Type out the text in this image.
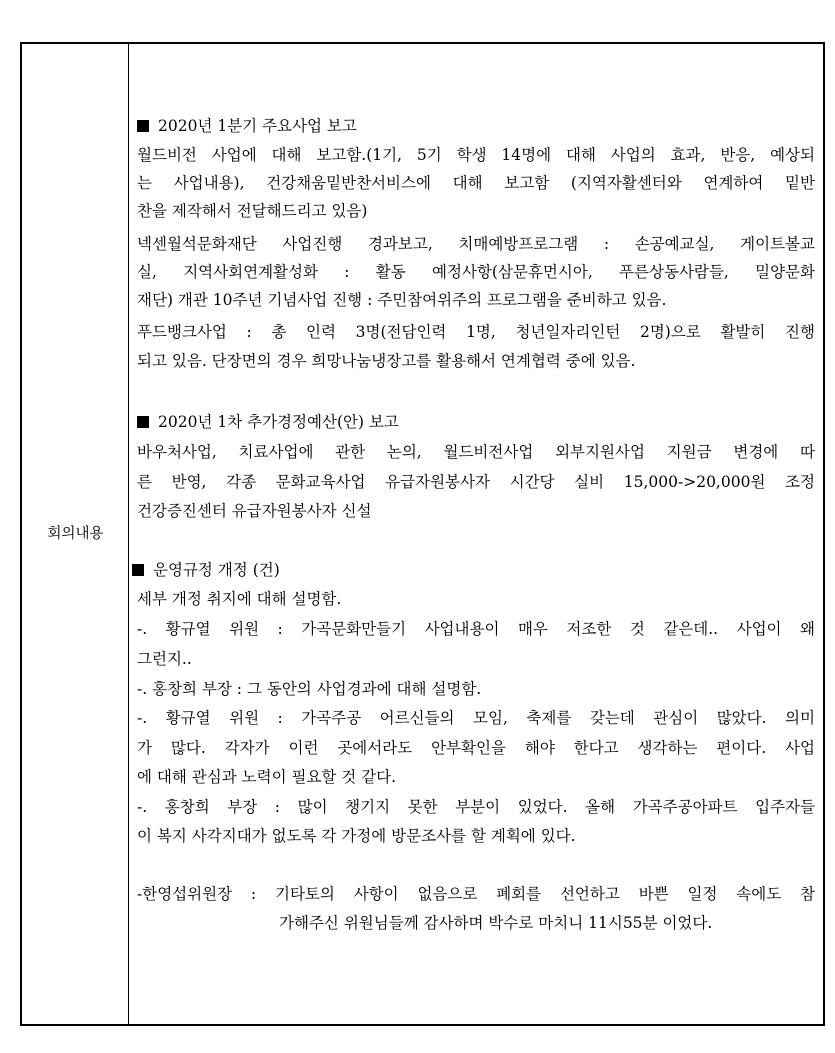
회의내용
2020년 1분기 주요사업 보고
월드비전 사업에 대해 보고함.(1기, 5기 학생 14명에 대해 사업의 효과, 반응, 예상되
는 사업내용), 건강채움밑반찬서비스에 대해 보고함 (지역자활센터와 연계하여 밑반
찬을 제작해서 전달해드리고 있음)
넥센월석문화재단 사업진행 경과보고, 치매예방프로그램 : 손공예교실, 게이트볼교
실, 지역사회연계활성화 : 활동 예정사항(삼문휴먼시아, 푸른상동사람들, 밀양문화
재단) 개관 10주년 기념사업 진행 : 주민참여위주의 프로그램을 준비하고 있음.
푸드뱅크사업 : 총 인력 3명(전담인력 1명, 청년일자리인턴 2명)으로 활발히 진행
되고 있음. 단장면의 경우 희망나눔냉장고를 활용해서 연계협력 중에 있음.
2020년 1차 추가경정예산(안) 보고
바우처사업, 치료사업에 관한 논의, 월드비전사업 외부지원사업 지원금 변경에 따
른 반영, 각종 문화교육사업 유급자원봉사자 시간당 실비 15,000->20,000원 조정
건강증진센터 유급자원봉사자 신설
운영규정 개정 (건)
세부 개정 취지에 대해 설명함.
-. 황규열 위원 : 가곡문화만들기 사업내용이 매우 저조한 것 같은데.. 사업이 왜
그런지..
-. 홍창희 부장 : 그 동안의 사업경과에 대해 설명함.
-. 황규열 위원 : 가곡주공 어르신들의 모임, 축제를 갖는데 관심이 많았다. 의미
가 많다. 각자가 이런 곳에서라도 안부확인을 해야 한다고 생각하는 편이다. 사업
에 대해 관심과 노력이 필요할 것 같다.
-. 홍창희 부장 : 많이 챙기지 못한 부분이 있었다. 올해 가곡주공아파트 입주자들
이 복지 사각지대가 없도록 각 가정에 방문조사를 할 계획에 있다.
-한영섭위원장 : 기타토의 사항이 없음으로 폐회를 선언하고 바쁜 일정 속에도 참
가해주신 위원님들께 감사하며 박수로 마치니 11시55분 이었다.
